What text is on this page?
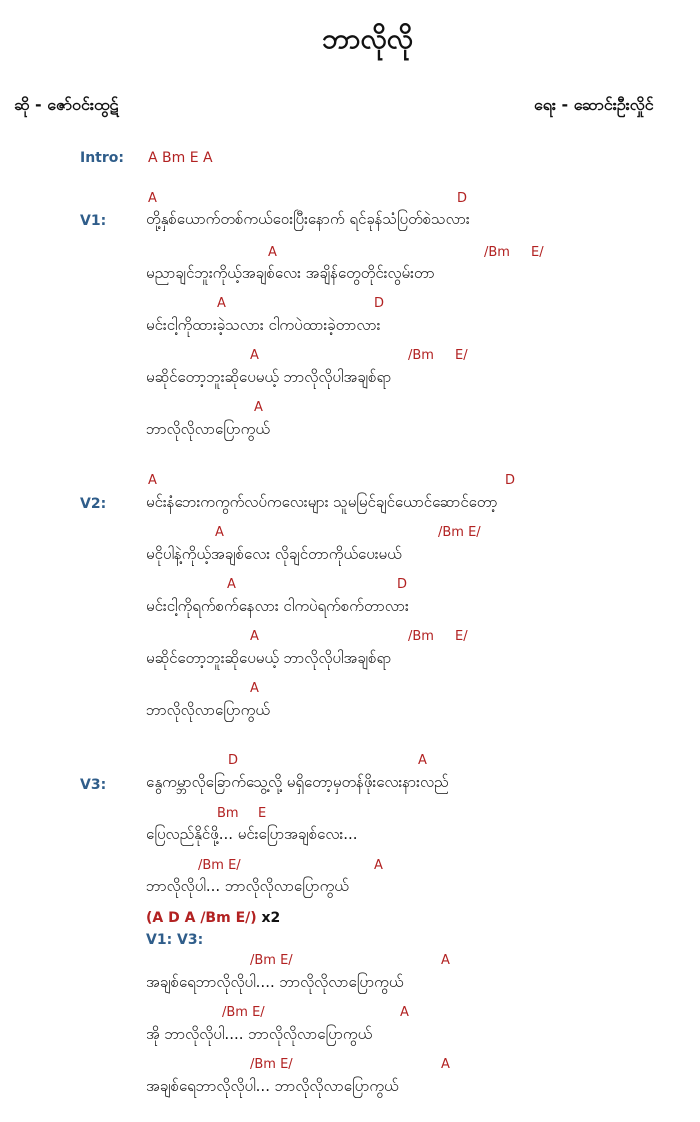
ဘာလိုလို
ဆို - ဇော်ဝင်းထွဋ်	ရေး - ဆောင်းဦးလှိုင်
Intro: A Bm E A
V1:
A	D
တို့နှစ်ယောက်တစ်ကယ်ဝေးပြီးနောက် ရင်ခုန်သံပြတ်စဲသလား
A	/Bm E/
မညာချင်ဘူးကိုယ့်အချစ်လေး အချိန်တွေတိုင်းလွမ်းတာ
A	D
မင်းငါ့ကိုထားခဲ့သလား ငါကပဲထားခဲ့တာလား
A	/Bm E/
မဆိုင်တော့ဘူးဆိုပေမယ့် ဘာလိုလိုပါအချစ်ရာ
A
ဘာလိုလိုလာပြောကွယ်
V2:
A	D
မင်းနံဘေးကကွက်လပ်ကလေးများ သူမမြင်ချင်ယောင်ဆောင်တော့
A	/Bm E/
မငိုပါနဲ့ကိုယ့်အချစ်လေး လိုချင်တာကိုယ်ပေးမယ်
A	D
မင်းငါ့ကိုရက်စက်နေလား ငါကပဲရက်စက်တာလား
A	/Bm E/
မဆိုင်တော့ဘူးဆိုပေမယ့် ဘာလိုလိုပါအချစ်ရာ
A
ဘာလိုလိုလာပြောကွယ်
V3:
D	A
နွေကမ္ဘာလိုခြောက်သွေ့လို့ မရှိတော့မှတန်ဖိုးလေးနားလည်
Bm E
ပြေလည်နိုင်ဖို့... မင်းပြောအချစ်လေး...
/Bm E/	A
ဘာလိုလိုပါ... ဘာလိုလိုလာပြောကွယ်
(A D A /Bm E/) x2
V1: V3:
/Bm E/	A
အချစ်ရေဘာလိုလိုပါ.... ဘာလိုလိုလာပြောကွယ်
/Bm E/	A
အို ဘာလိုလိုပါ.... ဘာလိုလိုလာပြောကွယ်
/Bm E/	A
အချစ်ရေဘာလိုလိုပါ... ဘာလိုလိုလာပြောကွယ်
